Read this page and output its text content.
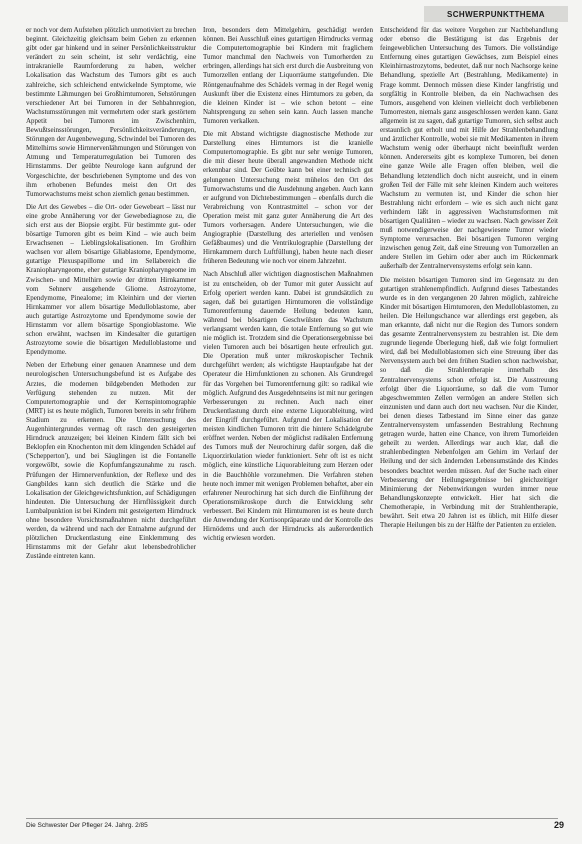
SCHWERPUNKTTHEMA

er noch vor dem Aufstehen plötzlich unmotiviert zu brechen beginnt. Gleichzeitig gleichsam beim Gehen zu erkennen gibt oder gar hinkend und in seiner Persönlichkeitsstruktur verändert zu sein scheint, ist sehr verdächtig, eine intrakranielle Raumforderung zu haben, welcher Lokalisation das Wachstum des Tumors gibt es auch zahlreiche, sich schleichend entwickelnde Symptome, wie bestimmte Lähmungen bei Großhirntumoren, Sehstörungen verschiedener Art bei Tumoren in der Sehbahnregion, Wachstumsstörungen mit vermehrtem oder stark gestörtem Appetit bei Tumoren im Zwischenhirn, Bewußtseinsstörungen, Persönlichkeitsveränderungen, Störungen der Augenbewegung, Schwindel bei Tumoren des Mittelhirns sowie Hirnnervenlähmungen und Störungen von Atmung und Temperaturregulation bei Tumoren des Hirnstamms. Der geübte Neurologe kann aufgrund der Vorgeschichte, der beschriebenen Symptome und des von ihm erhobenen Befundes meist den Ort des Tumorwachstums meist schon ziemlich genau bestimmen.

Die Art des Gewebes – die Ort- oder Gewebeart – lässt nur eine grobe Annäherung vor der Gewebediagnose zu, die sich erst aus der Biopsie ergibt. Für bestimmte gut- oder bösartige Tumoren gibt es beim Kind – wie auch beim Erwachsenen – Lieblingslokalisationen. Im Großhirn wachsen vor allem bösartige Gliablastome, Ependymome, gutartige Plexuspapillome und im Sellabereich die Kraniopharyngeome, eher gutartige Kraniopharyngeome im Zwischen- und Mittelhirn sowie der dritten Hirnkammer vom Sehnerv ausgehende Gliome. Astrozytome, Ependymome, Pinealome; im Kleinhirn und der vierten Hirnkammer vor allem bösartige Medulloblastome, aber auch gutartige Astrozytome und Ependymome sowie der Hirnstamm vor allem bösartige Spongioblastome. Wie schon erwähnt, wachsen im Kindesalter die gutartigen Astrozytome sowie die bösartigen Medulloblastome und Ependymome.

Neben der Erhebung einer genauen Anamnese und dem neurologischen Untersuchungsbefund ist es Aufgabe des Arztes, die modernen bildgebenden Methoden zur Verfügung stehenden zu nutzen. Mit der Computertomographie und der Kernspintomographie (MRT) ist es heute möglich, Tumoren bereits in sehr frühem Stadium zu erkennen. Die Untersuchung des Augenhintergrundes vermag oft rasch den gesteigerten Hirndruck anzuzeigen; bei kleinen Kindern fällt sich bei Beklopfen ein Knochenton mit dem klingenden Schädel auf ('Schepperton'), und bei Säuglingen ist die Fontanelle vorgewölbt, sowie die Kopfumfangszunahme zu rasch. Prüfungen der Hirnnervenfunktion, der Reflexe und des Gangbildes kann sich deutlich die Stärke und die Lokalisation der Gleichgewichtsfunktion, auf Schädigungen hindeuten. Die Untersuchung der Hirnflüssigkeit durch Lumbalpunktion ist bei Kindern mit gesteigertem Hirndruck ohne besondere Vorsichtsmaßnahmen nicht durchgeführt werden, da während und nach der Entnahme aufgrund der plötzlichen Druckentlastung eine Einklemmung des Hirnstamms mit der Gefahr akut lebensbedrohlicher Zustände eintreten kann.

Iron, besonders dem Mittelgehirn, geschädigt werden können. Bei Ausschluß eines gutartigen Hirndrucks vermag die Computertomographie bei Kindern mit fraglichem Tumor manchmal den Nachweis von Tumorherden zu erbringen, allerdings hat sich erst durch die Ausbreitung von Tumorzellen entlang der Liquorräume stattgefunden. Die Röntgenaufnahme des Schädels vermag in der Regel wenig Auskunft über die Existenz eines Hirntumors zu geben, da die kleinen Kinder ist – wie schon betont – eine Nahtsprengung zu sehen sein kann. Auch lassen manche Tumoren verkalken.

Die mit Abstand wichtigste diagnostische Methode zur Darstellung eines Hirntumors ist die kranielle Computertomographie. Es gibt nur sehr wenige Tumoren, die mit dieser heute überall angewandten Methode nicht erkennbar sind. Der Geübte kann bei einer technisch gut gelungenen Untersuchung meist mühelos den Ort des Tumorwachstums und die Ausdehnung angeben. Auch kann er aufgrund von Dichtebestimmungen – ebenfalls durch die Verabreichung von Kontrastmittel – schon vor der Operation meist mit ganz guter Annäherung die Art des Tumors vorhersagen. Andere Untersuchungen, wie die Angiographie (Darstellung des arteriellen und venösen Gefäßbaumes) und die Ventrikulographie (Darstellung der Hirnkammern durch Luftfüllung), haben heute nach dieser früheren Bedeutung wie noch vor einem Jahrzehnt.

Nach Abschluß aller wichtigen diagnostischen Maßnahmen ist zu entscheiden, ob der Tumor mit guter Aussicht auf Erfolg operiert werden kann. Dabei ist grundsätzlich zu sagen, daß bei gutartigen Hirntumoren die vollständige Tumorentfernung dauernde Heilung bedeuten kann, während bei bösartigen Geschwülsten das Wachstum verlangsamt werden kann, die totale Entfernung so gut wie nie möglich ist. Trotzdem sind die Operationsergebnisse bei vielen Tumoren auch bei bösartigen heute erfreulich gut. Die Operation muß unter mikroskopischer Technik durchgeführt werden; als wichtigste Hauptaufgabe hat der Operateur die Hirnfunktionen zu schonen. Als Grundregel für das Vorgehen bei Tumorentfernung gilt: so radikal wie möglich. Aufgrund des Ausgedehntseins ist mit nur geringen Verbesserungen zu rechnen. Auch nach einer Druckentlastung durch eine externe Liquorableitung, wird der Eingriff durchgeführt. Aufgrund der Lokalisation der meisten kindlichen Tumoren tritt die hintere Schädelgrube eröffnet werden. Neben der möglichst radikalen Entfernung des Tumors muß der Neurochirurg dafür sorgen, daß die Liquorzirkulation wieder funktioniert. Sehr oft ist es nicht möglich, eine künstliche Liquorableitung zum Herzen oder in die Bauchhöhle vorzunehmen. Die Verfahren stehen heute noch immer mit wenigen Problemen behaftet, aber ein erfahrener Neurochirurg hat sich durch die Einführung der Operationsmikroskope durch die Entwicklung sehr verbessert. Bei Kindern mit Hirntumoren ist es heute durch die Anwendung der Kortisonpräparate und der Kontrolle des Hirnödems und auch der Hirndrucks als außerordentlich wichtig erwiesen worden.

Entscheidend für das weitere Vorgehen zur Nachbehandlung oder ebenso die Bestätigung ist das Ergebnis der feingeweblichen Untersuchung des Tumors. Die vollständige Entfernung eines gutartigen Gewächses, zum Beispiel eines Kleinhirnastrozytoms, bedeutet, daß nur noch Nachsorge keine Behandlung, spezielle Art (Bestrahlung, Medikamente) in Frage kommt. Dennoch müssen diese Kinder langfristig und sorgfältig in Kontrolle bleiben, da ein Nachwachsen des Tumors, ausgehend von kleinen vielleicht doch verbliebenen Tumorresten, niemals ganz ausgeschlossen werden kann. Ganz allgemein ist zu sagen, daß gutartige Tumoren, sich selbst auch erstaunlich gut erholt und mit Hilfe der Strahlenbehandlung und ärztlicher Kontrolle, wobei sie mit Medikamenten in ihrem Wachstum wenig oder überhaupt nicht beeinflußt werden können. Andererseits gibt es komplexe Tumoren, bei denen eine ganze Weile alle Fragen offen bleiben, weil die Behandlung letztendlich doch nicht ausreicht, und in einem großen Teil der Fälle mit sehr kleinen Kindern auch weiteres Wachstum zu vermuten ist, und Kinder die schon hier Bestrahlung nicht erfordern – wie es sich auch nicht ganz verhindern läßt in aggressiven Wachstumsformen mit bösartigen Qualitäten – wieder zu wachsen. Nach gewisser Zeit muß notwendigerweise der nachgewiesene Tumor wieder Symptome verursachen. Bei bösartigen Tumoren verging inzwischen genug Zeit, daß eine Streuung von Tumorzellen an andere Stellen im Gehirn oder aber auch im Rückenmark außerhalb der Zentralnervensystems erfolgt sein kann.

Die meisten bösartigen Tumoren sind im Gegensatz zu den gutartigen strahlenempfindlich. Aufgrund dieses Tatbestandes wurde es in den vergangenen 20 Jahren möglich, zahlreiche Kinder mit bösartigen Hirntumoren, den Medulloblastomen, zu heilen. Die Heilungschance war allerdings erst gegeben, als man erkannte, daß nicht nur die Region des Tumors sondern das gesamte Zentralnervensystem zu bestrahlen ist. Die dem zugrunde liegende Überlegung hieß, daß wie folgt formuliert wird, daß bei Medulloblastomen sich eine Streuung über das Nervensystem auch bei den frühen Stadien schon nachweisbar, so daß die Strahlentherapie innerhalb des Zentralnervensystems schon erfolgt ist. Die Ausstreuung erfolgt über die Liquorräume, so daß die vom Tumor abgeschwemmten Zellen vermögen an andere Stellen sich einzunisten und dann auch dort neu wachsen. Nur die Kinder, bei denen dieses Tatbestand im Sinne einer das ganze Zentralnervensystem umfassenden Bestrahlung Rechnung getragen wurde, hatten eine Chance, von ihrem Tumorleiden geheilt zu werden. Allerdings war auch klar, daß die strahlenbedingten Nebenfolgen am Gehirn im Verlauf der Heilung und der sich ändernden Lebensumstände des Kindes besonders beachtet werden müssen. Auf der Suche nach einer Verbesserung der Heilungsergebnisse bei gleichzeitiger Minimierung der Nebenwirkungen wurden immer neue Behandlungskonzepte entwickelt. Hier hat sich die Chemotherapie, in Verbindung mit der Strahlentherapie, bewährt. Seit etwa 20 Jahren ist es üblich, mit Hilfe dieser Therapie Heilungen bis zu der Hälfte der Patienten zu erzielen.

Die Schwester Der Pfleger 24. Jahrg. 2/85	29
